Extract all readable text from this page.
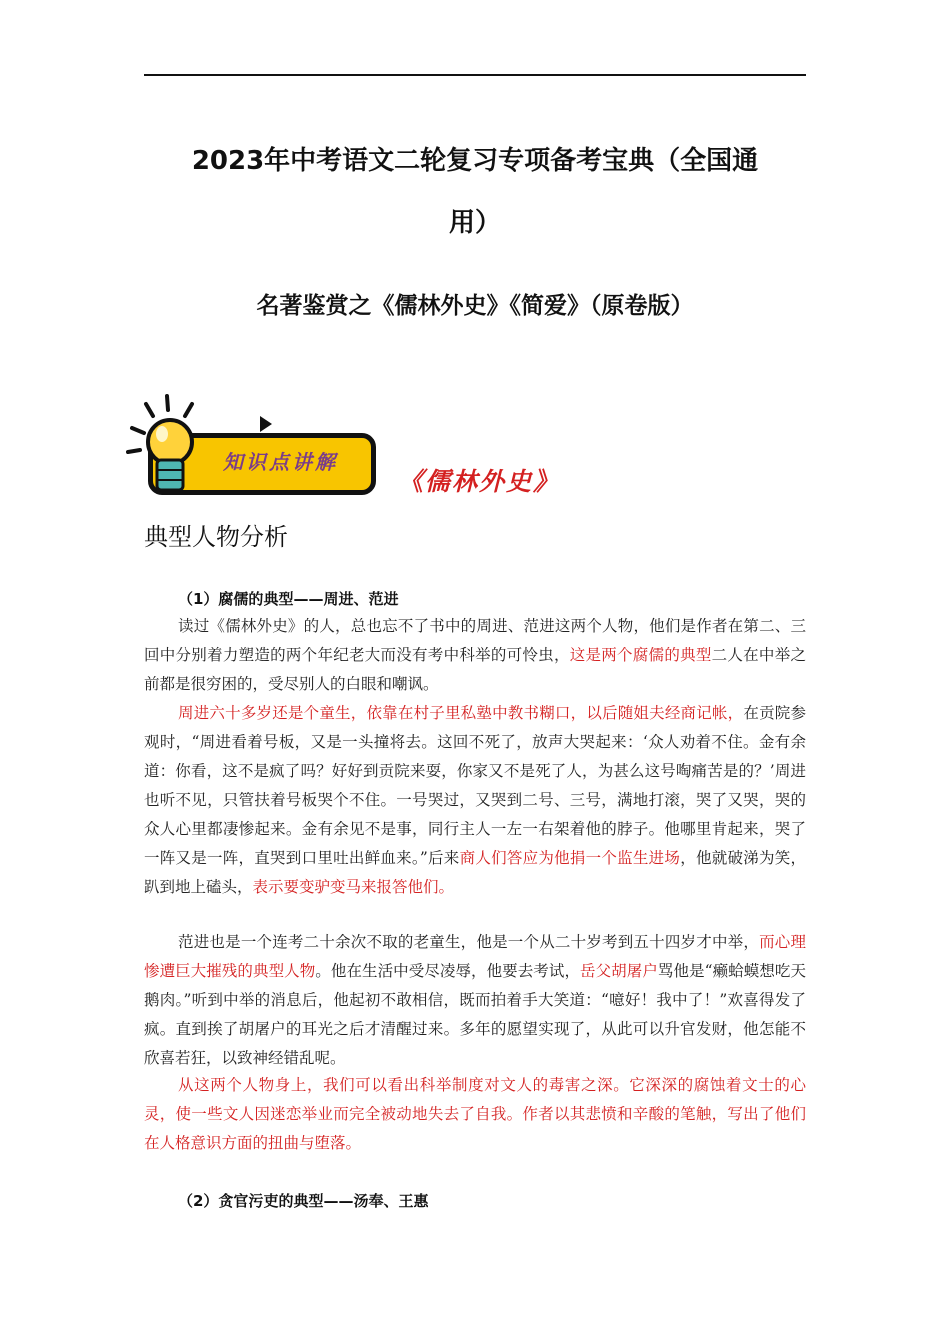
2023年中考语文二轮复习专项备考宝典（全国通
用）
名著鉴赏之《儒林外史》《简爱》（原卷版）
知识点讲解
《儒林外史》
典型人物分析
（1）腐儒的典型——周进、范进

读过《儒林外史》的人，总也忘不了书中的周进、范进这两个人物，他们是作者在第二、三回中分别着力塑造的两个年纪老大而没有考中科举的可怜虫，这是两个腐儒的典型二人在中举之前都是很穷困的，受尽别人的白眼和嘲讽。

周进六十多岁还是个童生，依靠在村子里私塾中教书糊口，以后随姐夫经商记帐，在贡院参观时，“周进看着号板，又是一头撞将去。这回不死了，放声大哭起来：‘众人劝着不住。金有余道：你看，这不是疯了吗？好好到贡院来耍，你家又不是死了人，为甚么这号啕痛苦是的？’周进也听不见，只管扶着号板哭个不住。一号哭过，又哭到二号、三号，满地打滚，哭了又哭，哭的众人心里都凄惨起来。金有余见不是事，同行主人一左一右架着他的脖子。他哪里肯起来，哭了一阵又是一阵，直哭到口里吐出鲜血来。”后来商人们答应为他捐一个监生进场，他就破涕为笑，趴到地上磕头，表示要变驴变马来报答他们。

范进也是一个连考二十余次不取的老童生，他是一个从二十岁考到五十四岁才中举，而心理惨遭巨大摧残的典型人物。他在生活中受尽凌辱，他要去考试，岳父胡屠户骂他是“癞蛤蟆想吃天鹅肉。”听到中举的消息后，他起初不敢相信，既而拍着手大笑道：“噫好！我中了！”欢喜得发了疯。直到挨了胡屠户的耳光之后才清醒过来。多年的愿望实现了，从此可以升官发财，他怎能不欣喜若狂，以致神经错乱呢。

从这两个人物身上，我们可以看出科举制度对文人的毒害之深。它深深的腐蚀着文士的心灵，使一些文人因迷恋举业而完全被动地失去了自我。作者以其悲愤和辛酸的笔触，写出了他们在人格意识方面的扭曲与堕落。

（2）贪官污吏的典型——汤奉、王惠
